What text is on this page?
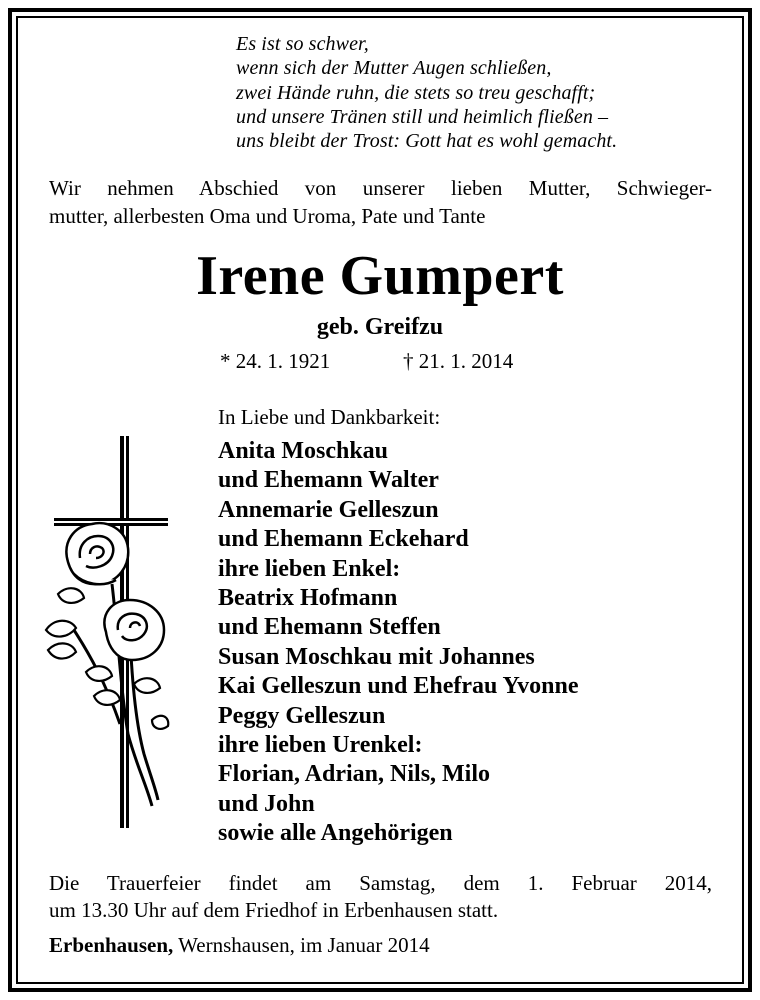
Es ist so schwer,
wenn sich der Mutter Augen schließen,
zwei Hände ruhn, die stets so treu geschafft;
und unsere Tränen still und heimlich fließen –
uns bleibt der Trost: Gott hat es wohl gemacht.
Wir nehmen Abschied von unserer lieben Mutter, Schwieger-
mutter, allerbesten Oma und Uroma, Pate und Tante
Irene Gumpert
geb. Greifzu
* 24. 1. 1921	† 21. 1. 2014
In Liebe und Dankbarkeit:
Anita Moschkau
und Ehemann Walter
Annemarie Gelleszun
und Ehemann Eckehard
ihre lieben Enkel:
Beatrix Hofmann
und Ehemann Steffen
Susan Moschkau mit Johannes
Kai Gelleszun und Ehefrau Yvonne
Peggy Gelleszun
ihre lieben Urenkel:
Florian, Adrian, Nils, Milo
und John
sowie alle Angehörigen
Die Trauerfeier findet am Samstag, dem 1. Februar 2014,
um 13.30 Uhr auf dem Friedhof in Erbenhausen statt.
Erbenhausen, Wernshausen, im Januar 2014
